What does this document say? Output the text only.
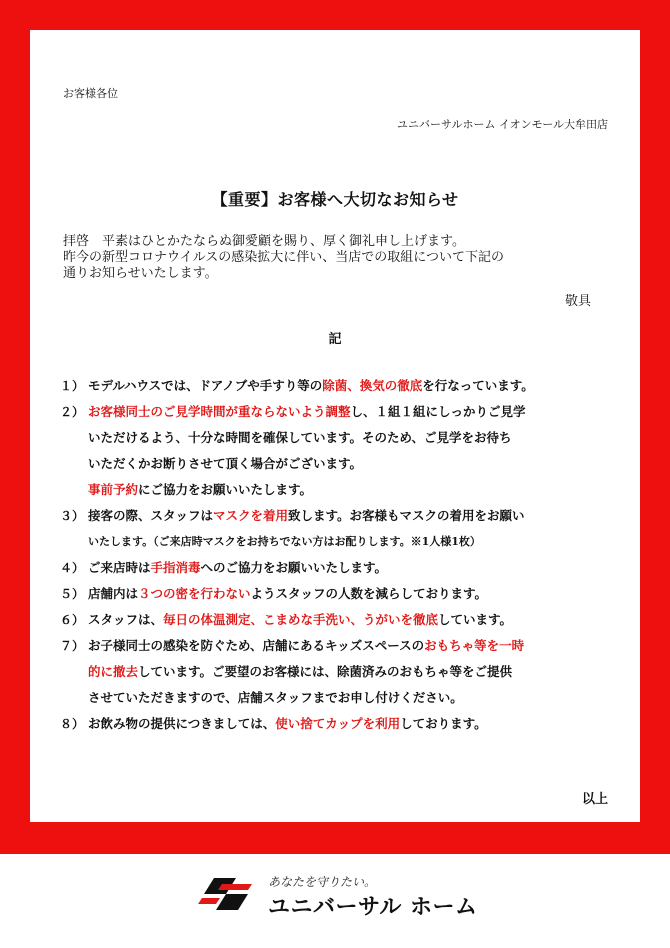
お客様各位
ユニバーサルホーム イオンモール大牟田店
【重要】お客様へ大切なお知らせ
拝啓　平素はひとかたならぬ御愛顧を賜り、厚く御礼申し上げます。
昨今の新型コロナウイルスの感染拡大に伴い、当店での取組について下記の
通りお知らせいたします。
敬具
記
１） モデルハウスでは、ドアノブや手すり等の除菌、換気の徹底を行なっています。
２） お客様同士のご見学時間が重ならないよう調整し、１組１組にしっかりご見学
いただけるよう、十分な時間を確保しています。そのため、ご見学をお待ち
いただくかお断りさせて頂く場合がございます。
事前予約にご協力をお願いいたします。
３） 接客の際、スタッフはマスクを着用致します。お客様もマスクの着用をお願い
いたします。（ご来店時マスクをお持ちでない方はお配りします。※1人様1枚）
４） ご来店時は手指消毒へのご協力をお願いいたします。
５） 店舗内は３つの密を行わないようスタッフの人数を減らしております。
６） スタッフは、毎日の体温測定、こまめな手洗い、うがいを徹底しています。
７） お子様同士の感染を防ぐため、店舗にあるキッズスペースのおもちゃ等を一時
的に撤去しています。ご要望のお客様には、除菌済みのおもちゃ等をご提供
させていただきますので、店舗スタッフまでお申し付けください。
８） お飲み物の提供につきましては、使い捨てカップを利用しております。
以上
あなたを守りたい。
ユニバーサル ホーム
